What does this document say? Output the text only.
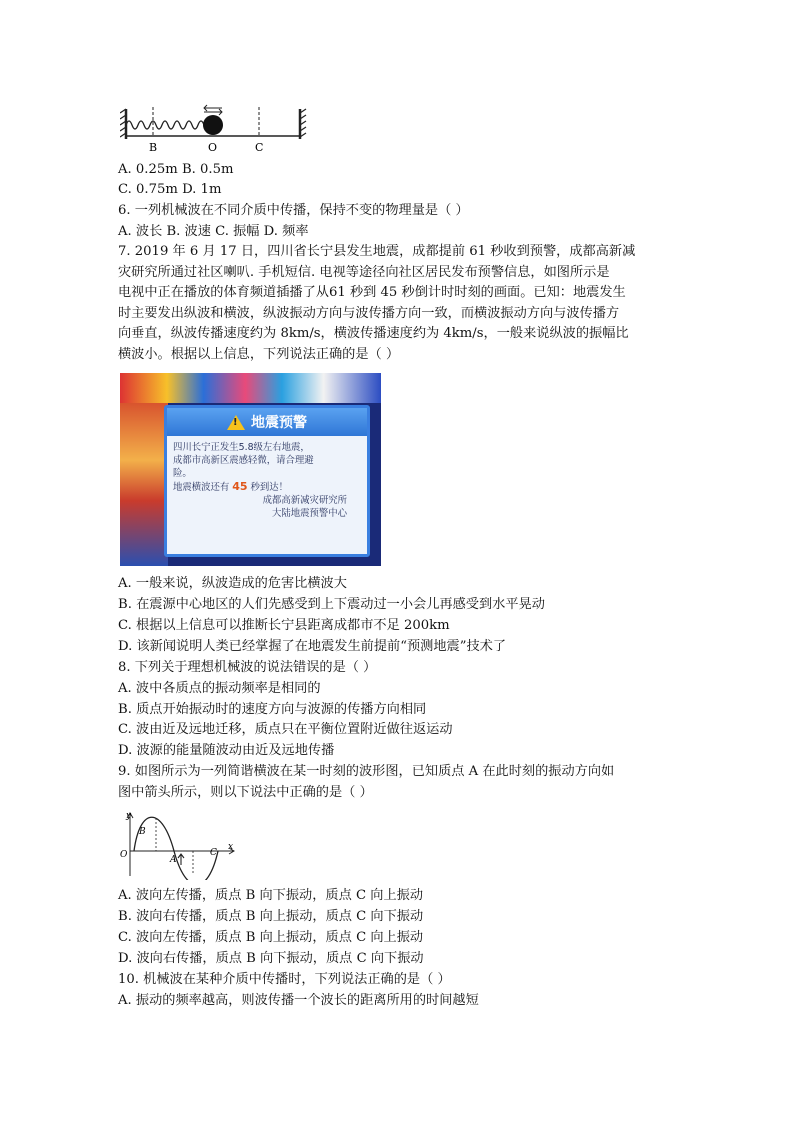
B	O	C
A. 0.25m B. 0.5m
C. 0.75m D. 1m
6. 一列机械波在不同介质中传播，保持不变的物理量是（ ）
A. 波长 B. 波速 C. 振幅 D. 频率
7. 2019 年 6 月 17 日，四川省长宁县发生地震，成都提前 61 秒收到预警，成都高新减
灾研究所通过社区喇叭. 手机短信. 电视等途径向社区居民发布预警信息，如图所示是
电视中正在播放的体育频道插播了从61 秒到 45 秒倒计时时刻的画面。已知：地震发生
时主要发出纵波和横波，纵波振动方向与波传播方向一致，而横波振动方向与波传播方
向垂直，纵波传播速度约为 8km/s，横波传播速度约为 4km/s，一般来说纵波的振幅比
横波小。根据以上信息，下列说法正确的是（ ）
! 地震预警
四川长宁正发生5.8级左右地震，
成都市高新区震感轻微，请合理避
险。
地震横波还有 45 秒到达！
成都高新减灾研究所
大陆地震预警中心
A. 一般来说，纵波造成的危害比横波大
B. 在震源中心地区的人们先感受到上下震动过一小会儿再感受到水平晃动
C. 根据以上信息可以推断长宁县距离成都市不足 200km
D. 该新闻说明人类已经掌握了在地震发生前提前“预测地震”技术了
8. 下列关于理想机械波的说法错误的是（ ）
A. 波中各质点的振动频率是相同的
B. 质点开始振动时的速度方向与波源的传播方向相同
C. 波由近及远地迁移，质点只在平衡位置附近做往返运动
D. 波源的能量随波动由近及远地传播
9. 如图所示为一列简谐横波在某一时刻的波形图，已知质点 A 在此时刻的振动方向如
图中箭头所示，则以下说法中正确的是（ ）
y
x
O
B
A
C
A. 波向左传播，质点 B 向下振动，质点 C 向上振动
B. 波向右传播，质点 B 向上振动，质点 C 向下振动
C. 波向左传播，质点 B 向上振动，质点 C 向上振动
D. 波向右传播，质点 B 向下振动，质点 C 向下振动
10. 机械波在某种介质中传播时，下列说法正确的是（ ）
A. 振动的频率越高，则波传播一个波长的距离所用的时间越短
